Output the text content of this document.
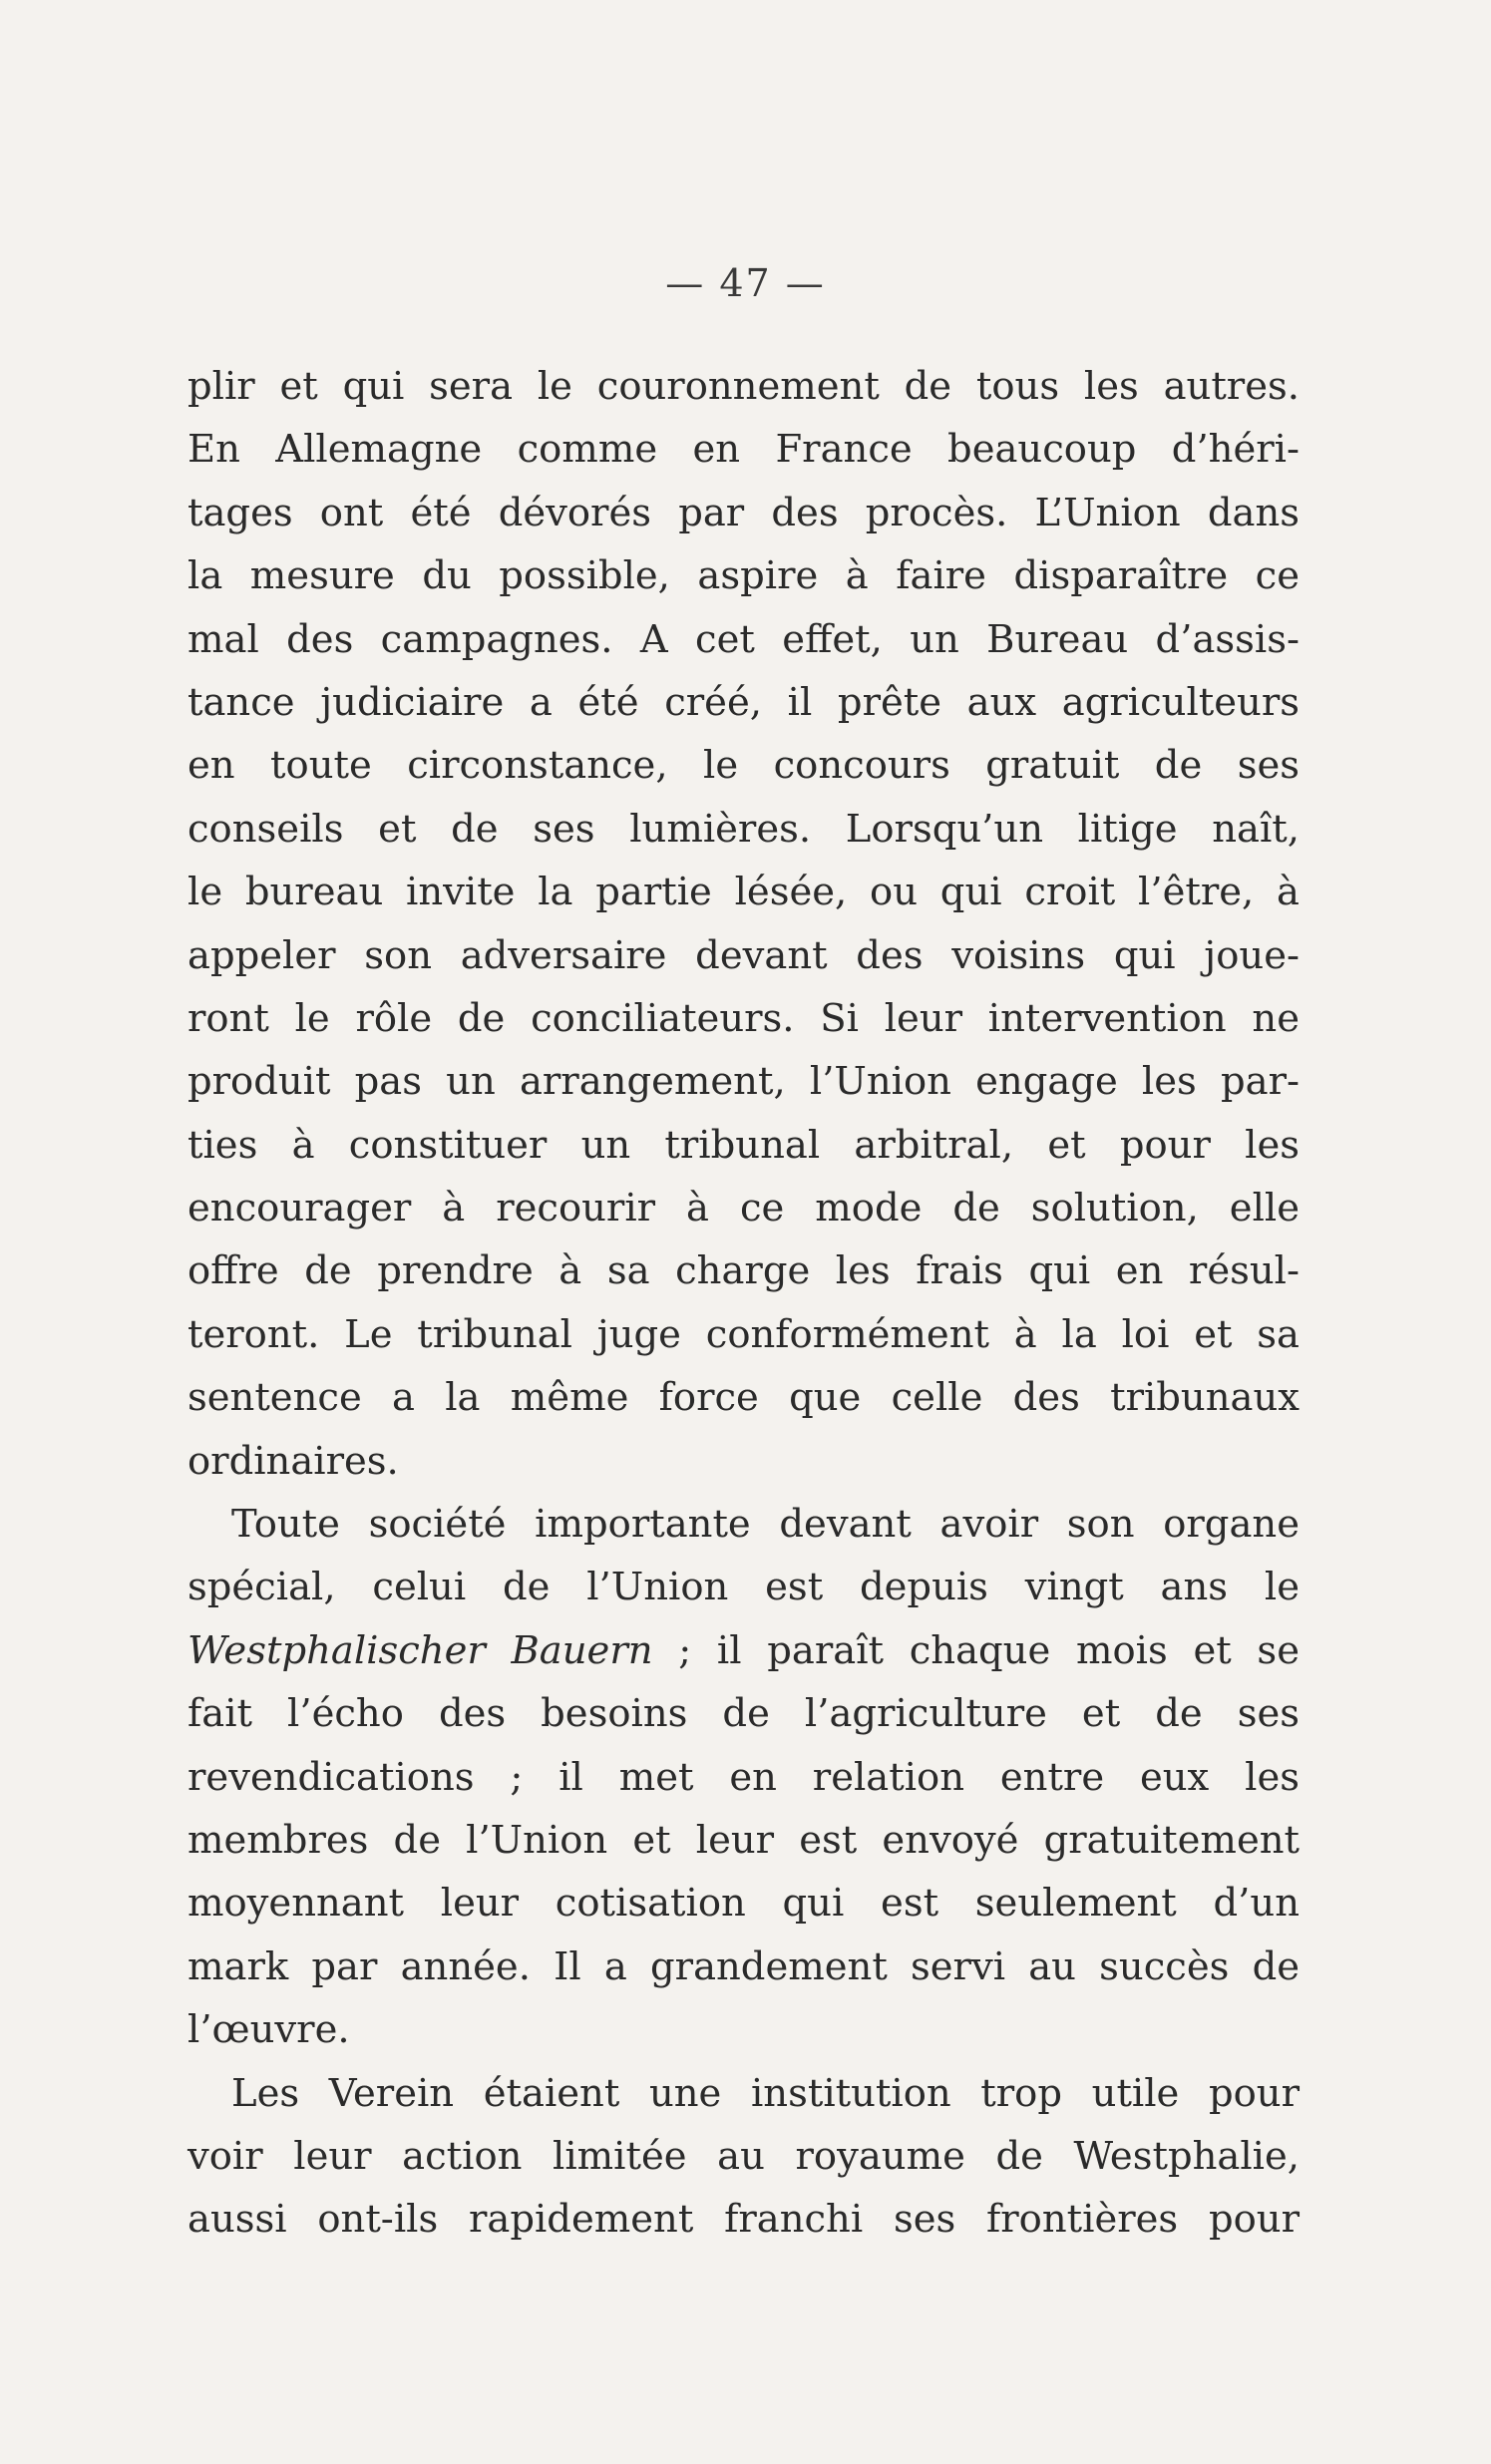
— 47 —
plir et qui sera le couronnement de tous les autres.
En Allemagne comme en France beaucoup d’héri-
tages ont été dévorés par des procès. L’Union dans
la mesure du possible, aspire à faire disparaître ce
mal des campagnes. A cet effet, un Bureau d’assis-
tance judiciaire a été créé, il prête aux agriculteurs
en toute circonstance, le concours gratuit de ses
conseils et de ses lumières. Lorsqu’un litige naît,
le bureau invite la partie lésée, ou qui croit l’être, à
appeler son adversaire devant des voisins qui joue-
ront le rôle de conciliateurs. Si leur intervention ne
produit pas un arrangement, l’Union engage les par-
ties à constituer un tribunal arbitral, et pour les
encourager à recourir à ce mode de solution, elle
offre de prendre à sa charge les frais qui en résul-
teront. Le tribunal juge conformément à la loi et sa
sentence a la même force que celle des tribunaux
ordinaires.
Toute société importante devant avoir son organe
spécial, celui de l’Union est depuis vingt ans le
Westphalischer Bauern ; il paraît chaque mois et se
fait l’écho des besoins de l’agriculture et de ses
revendications ; il met en relation entre eux les
membres de l’Union et leur est envoyé gratuitement
moyennant leur cotisation qui est seulement d’un
mark par année. Il a grandement servi au succès de
l’œuvre.
Les Verein étaient une institution trop utile pour
voir leur action limitée au royaume de Westphalie,
aussi ont-ils rapidement franchi ses frontières pour
